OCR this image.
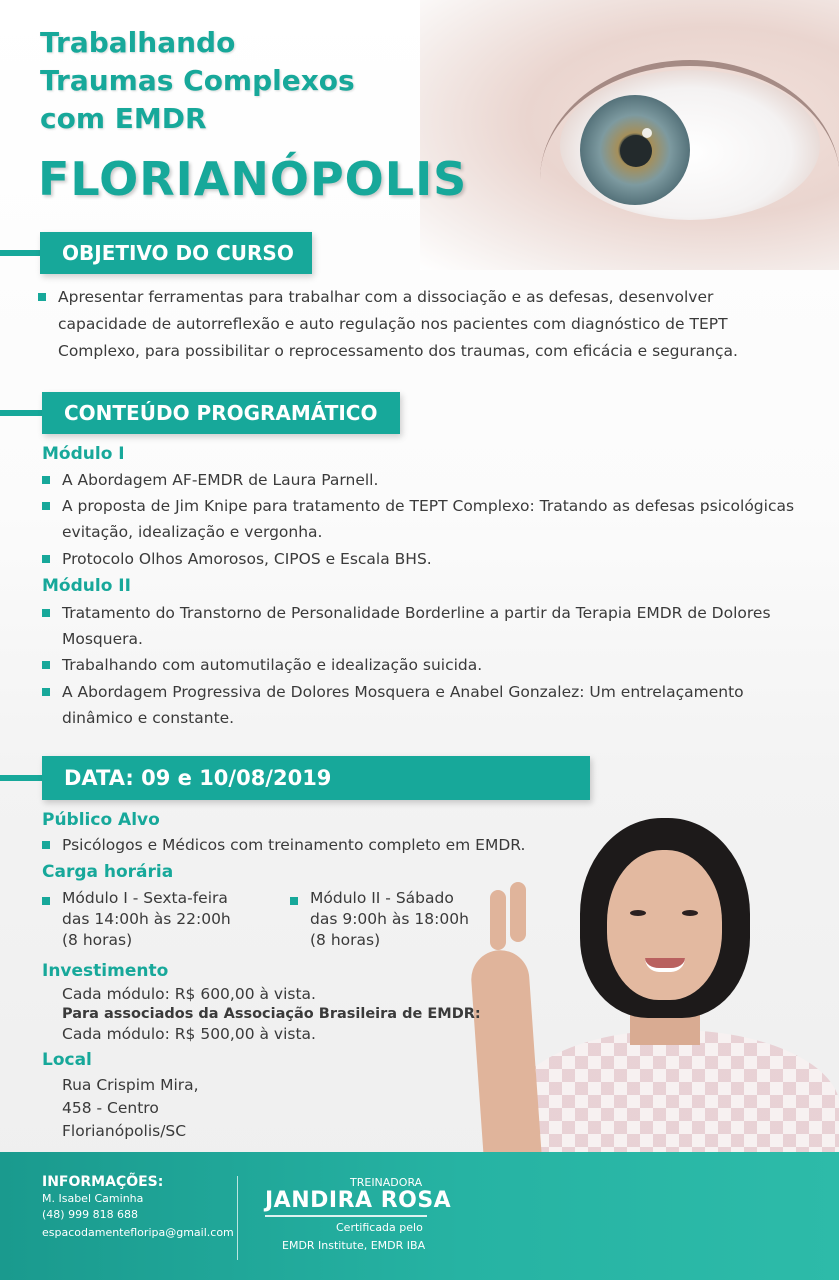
Trabalhando
Traumas Complexos
com EMDR
FLORIANÓPOLIS
OBJETIVO DO CURSO
Apresentar ferramentas para trabalhar com a dissociação e as defesas, desenvolver
capacidade de autorreflexão e auto regulação nos pacientes com diagnóstico de TEPT
Complexo, para possibilitar o reprocessamento dos traumas, com eficácia e segurança.
CONTEÚDO PROGRAMÁTICO
Módulo I
A Abordagem AF-EMDR de Laura Parnell.
A proposta de Jim Knipe para tratamento de TEPT Complexo: Tratando as defesas psicológicas
evitação, idealização e vergonha.
Protocolo Olhos Amorosos, CIPOS e Escala BHS.
Módulo II
Tratamento do Transtorno de Personalidade Borderline a partir da Terapia EMDR de Dolores
Mosquera.
Trabalhando com automutilação e idealização suicida.
A Abordagem Progressiva de Dolores Mosquera e Anabel Gonzalez: Um entrelaçamento
dinâmico e constante.
DATA: 09 e 10/08/2019
Público Alvo
Psicólogos e Médicos com treinamento completo em EMDR.
Carga horária
Módulo I - Sexta-feira
das 14:00h às 22:00h
(8 horas)
Módulo II - Sábado
das 9:00h às 18:00h
(8 horas)
Investimento
Cada módulo: R$ 600,00 à vista.
Para associados da Associação Brasileira de EMDR:
Cada módulo: R$ 500,00 à vista.
Local
Rua Crispim Mira,
458 - Centro
Florianópolis/SC
INFORMAÇÕES:
M. Isabel Caminha
(48) 999 818 688
espacodamentefloripa@gmail.com
TREINADORA
JANDIRA ROSA
Certificada pelo
EMDR Institute, EMDR IBA
